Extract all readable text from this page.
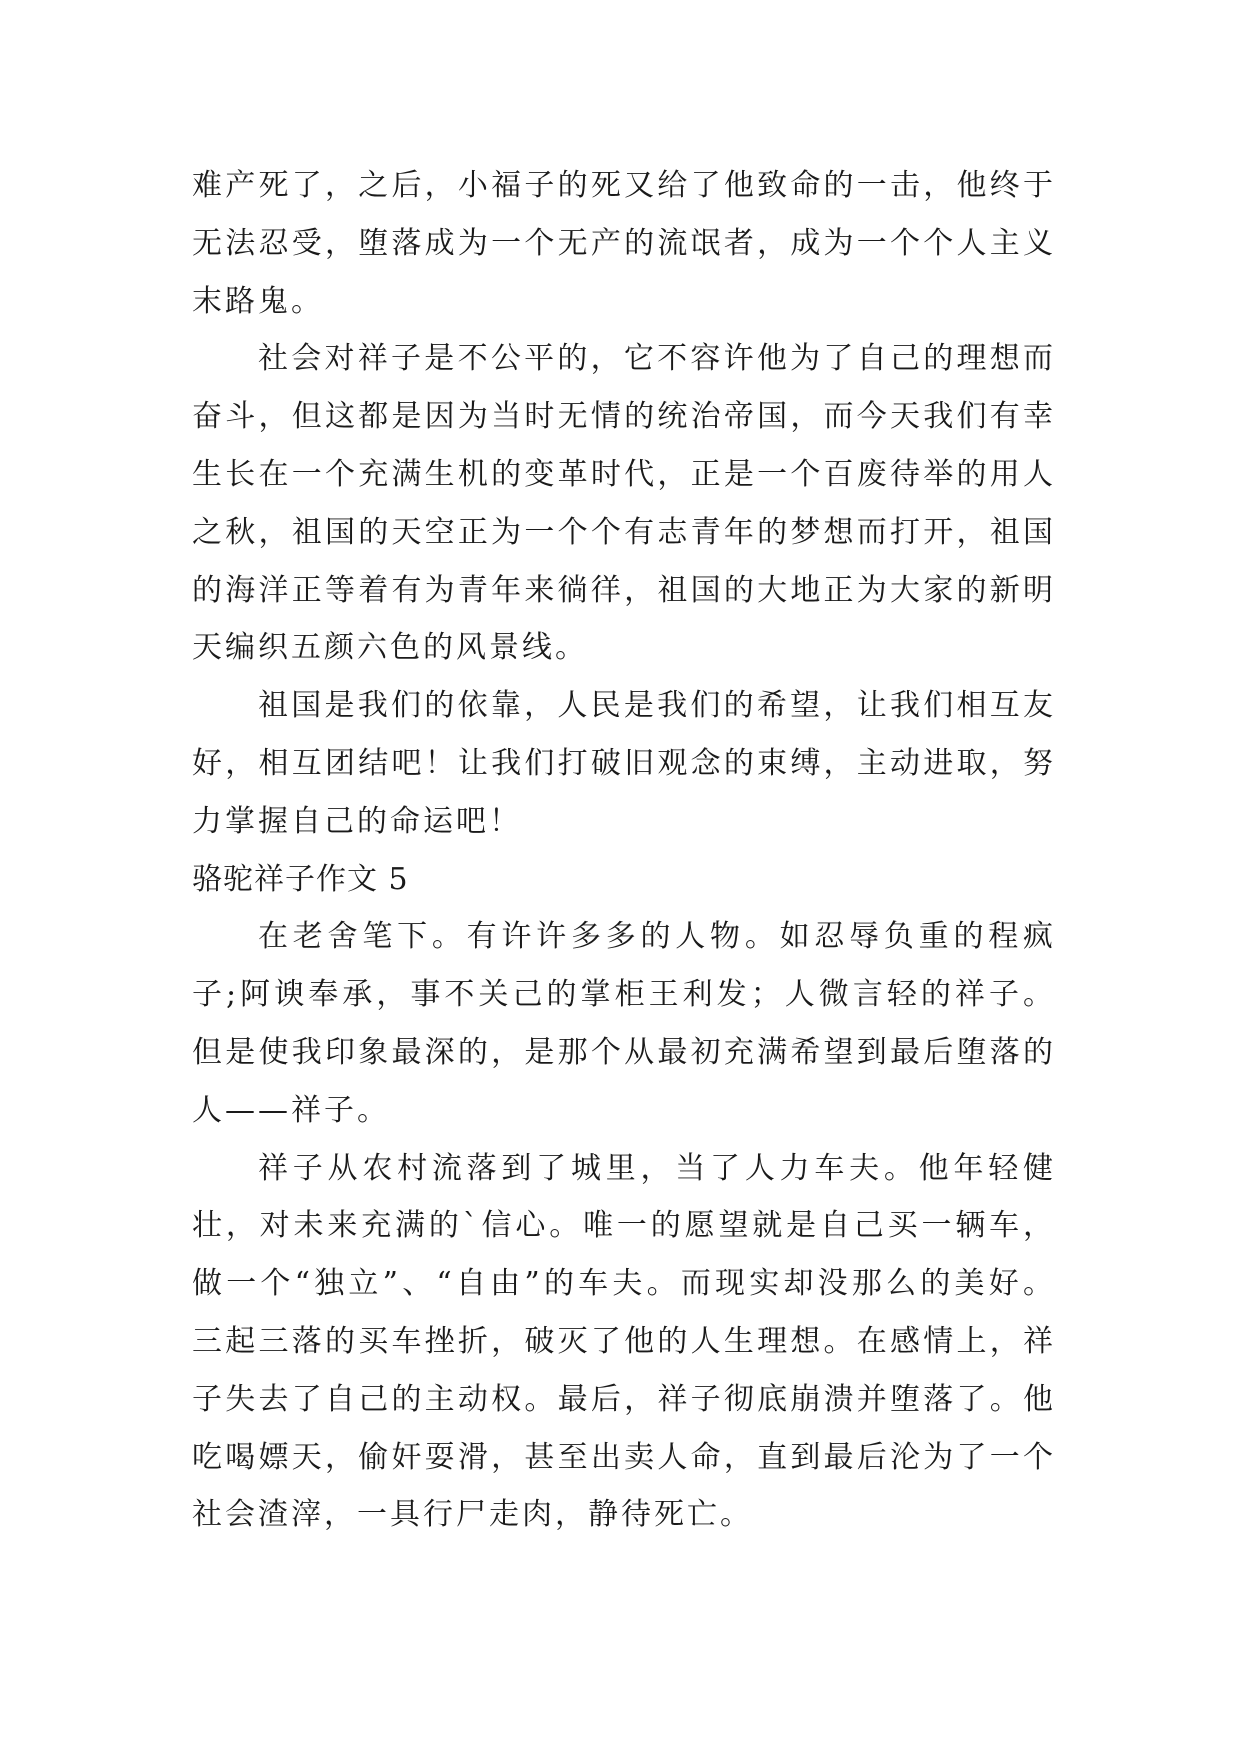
难产死了，之后，小福子的死又给了他致命的一击，他终于无法忍受，堕落成为一个无产的流氓者，成为一个个人主义末路鬼。

社会对祥子是不公平的，它不容许他为了自己的理想而奋斗，但这都是因为当时无情的统治帝国，而今天我们有幸生长在一个充满生机的变革时代，正是一个百废待举的用人之秋，祖国的天空正为一个个有志青年的梦想而打开，祖国的海洋正等着有为青年来徜徉，祖国的大地正为大家的新明天编织五颜六色的风景线。

祖国是我们的依靠，人民是我们的希望，让我们相互友好，相互团结吧！让我们打破旧观念的束缚，主动进取，努力掌握自己的命运吧！

骆驼祥子作文 5

在老舍笔下。有许许多多的人物。如忍辱负重的程疯子;阿谀奉承，事不关己的掌柜王利发；人微言轻的祥子。但是使我印象最深的，是那个从最初充满希望到最后堕落的人——祥子。

祥子从农村流落到了城里，当了人力车夫。他年轻健壮，对未来充满的`信心。唯一的愿望就是自己买一辆车，做一个“独立”、“自由”的车夫。而现实却没那么的美好。三起三落的买车挫折，破灭了他的人生理想。在感情上，祥子失去了自己的主动权。最后，祥子彻底崩溃并堕落了。他吃喝嫖天，偷奸耍滑，甚至出卖人命，直到最后沦为了一个社会渣滓，一具行尸走肉，静待死亡。
